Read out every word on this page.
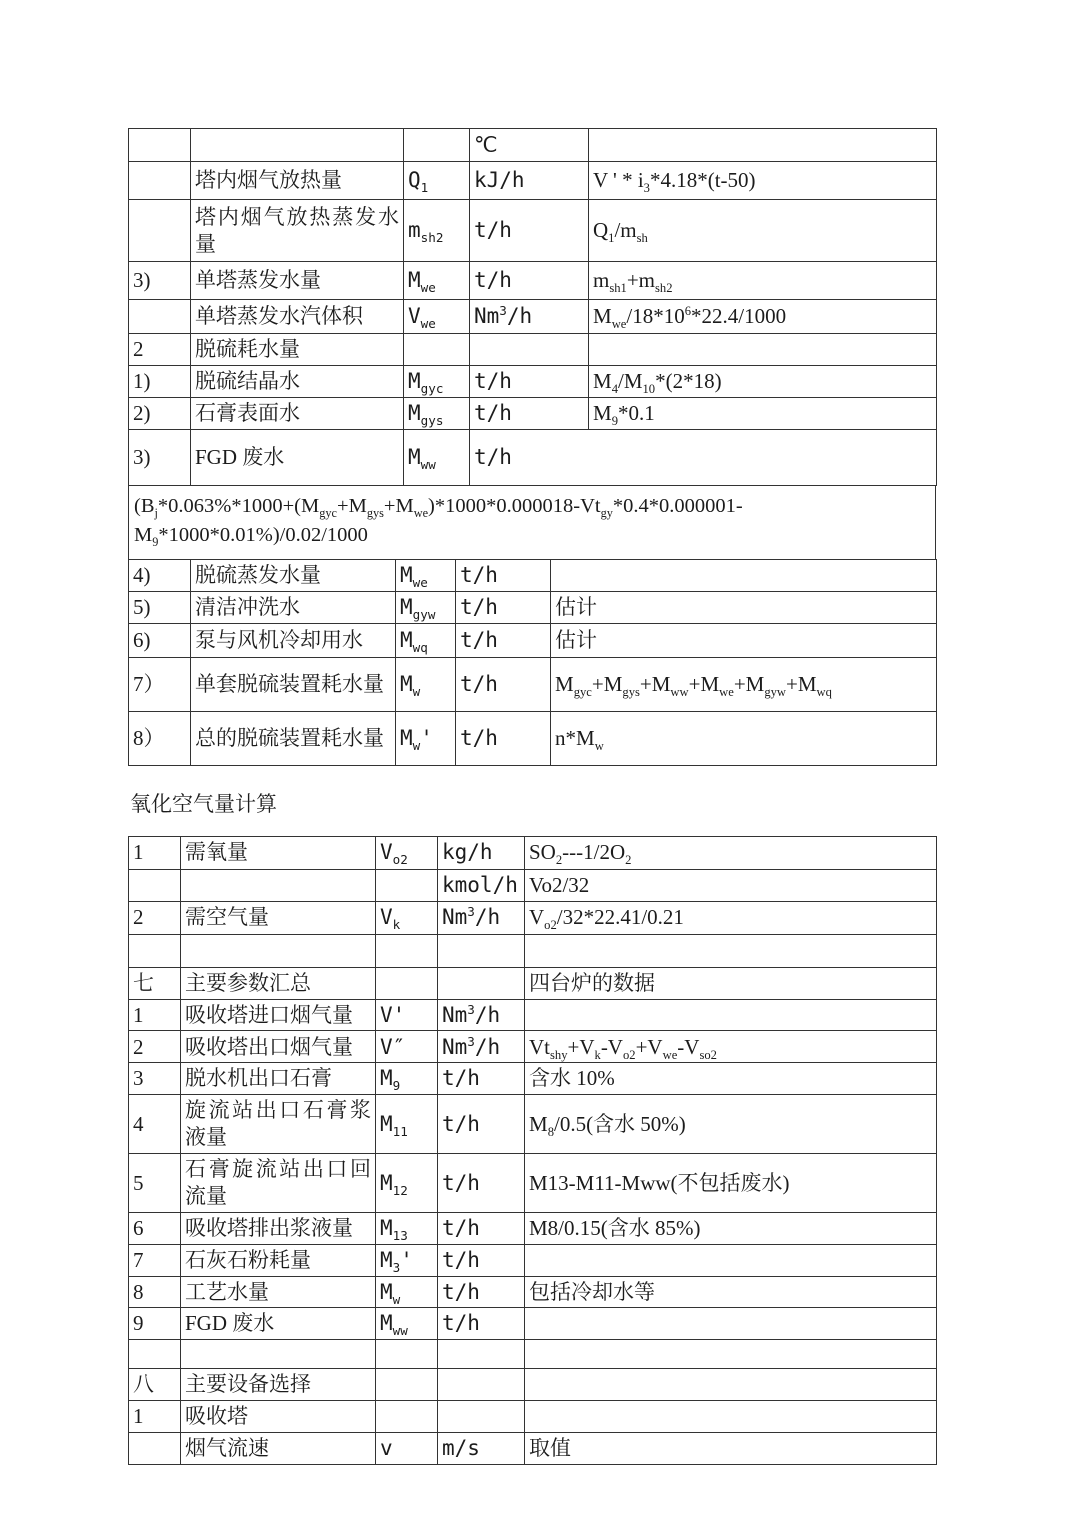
			℃	
	塔内烟气放热量	$Q_1$	kJ/h	V ' * $i_3*4.18*(t-50)$
	塔内烟气放热蒸发水量	$m_{sh2}$	t/h	$Q_1/m_{sh}$
3)	单塔蒸发水量	$M_{we}$	t/h	$m_{sh1}+m_{sh2}$
	单塔蒸发水汽体积	$V_{we}$	Nm$^3$/h	$M_{we}/18*10^6*22.4/1000$
2	脱硫耗水量			
1)	脱硫结晶水	$M_{gyc}$	t/h	$M_4/M_{10}*(2*18)$
2)	石膏表面水	$M_{gys}$	t/h	$M_9*0.1$
3)	FGD 废水	$M_{ww}$	t/h	
$(B_j*0.063\%*1000+(M_{gyc}+M_{gys}+M_{we})*1000*0.000018-Vt_{gy}*0.4*0.000001-M_9*1000*0.01\%)/0.02/1000$
4)	脱硫蒸发水量	$M_{we}$	t/h	
5)	清洁冲洗水	$M_{gyw}$	t/h	估计
6)	泵与风机冷却用水	$M_{wq}$	t/h	估计
7）	单套脱硫装置耗水量	$M_w$	t/h	$M_{gyc}+M_{gys}+M_{ww}+M_{we}+M_{gyw}+M_{wq}$
8）	总的脱硫装置耗水量	$M_w'$	t/h	$n*M_w$
氧化空气量计算
1	需氧量	$V_{o2}$	kg/h	$SO_2---1/2O_2$
			kmol/h	Vo2/32
2	需空气量	$V_k$	Nm$^3$/h	$V_{o2}/32*22.41/0.21$

七	主要参数汇总			四台炉的数据
1	吸收塔进口烟气量	V'	Nm$^3$/h	
2	吸收塔出口烟气量	V″	Nm$^3$/h	$Vt_{shy}+V_k-V_{o2}+V_{we}-V_{so2}$
3	脱水机出口石膏	$M_9$	t/h	含水 10%
4	旋流站出口石膏浆液量	$M_{11}$	t/h	$M_8/0.5$(含水 50%)
5	石膏旋流站出口回流量	$M_{12}$	t/h	M13-M11-Mww(不包括废水)
6	吸收塔排出浆液量	$M_{13}$	t/h	M8/0.15(含水 85%)
7	石灰石粉耗量	$M_3'$	t/h	
8	工艺水量	$M_w$	t/h	包括冷却水等
9	FGD 废水	$M_{ww}$	t/h	

八	主要设备选择			
1	吸收塔			
	烟气流速	v	m/s	取值
